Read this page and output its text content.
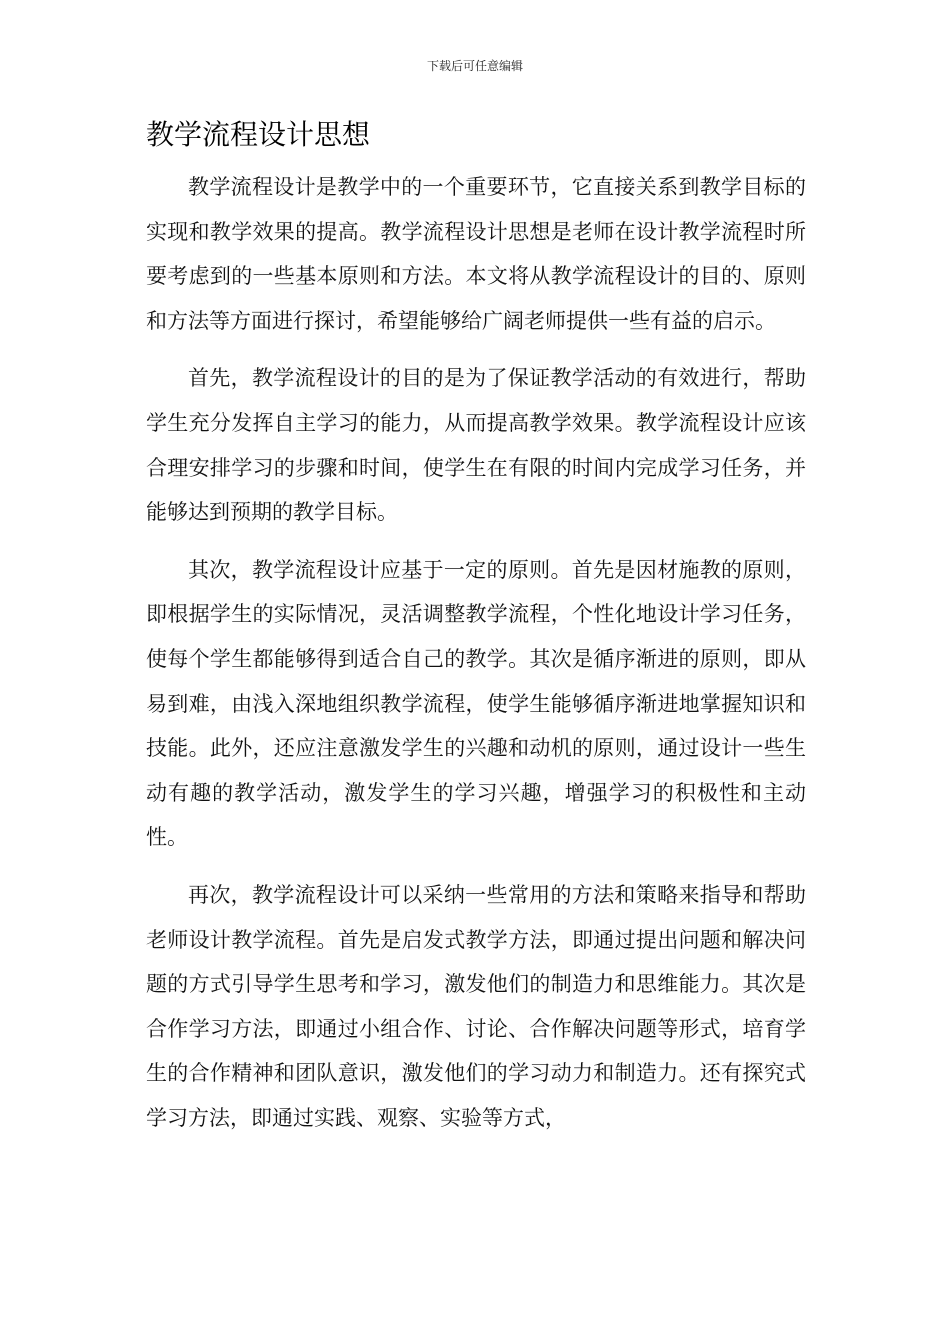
下载后可任意编辑
教学流程设计思想

教学流程设计是教学中的一个重要环节，它直接关系到教学目标的实现和教学效果的提高。教学流程设计思想是老师在设计教学流程时所要考虑到的一些基本原则和方法。本文将从教学流程设计的目的、原则和方法等方面进行探讨，希望能够给广阔老师提供一些有益的启示。

首先，教学流程设计的目的是为了保证教学活动的有效进行，帮助学生充分发挥自主学习的能力，从而提高教学效果。教学流程设计应该合理安排学习的步骤和时间，使学生在有限的时间内完成学习任务，并能够达到预期的教学目标。

其次，教学流程设计应基于一定的原则。首先是因材施教的原则，即根据学生的实际情况，灵活调整教学流程，个性化地设计学习任务，使每个学生都能够得到适合自己的教学。其次是循序渐进的原则，即从易到难，由浅入深地组织教学流程，使学生能够循序渐进地掌握知识和技能。此外，还应注意激发学生的兴趣和动机的原则，通过设计一些生动有趣的教学活动，激发学生的学习兴趣，增强学习的积极性和主动性。

再次，教学流程设计可以采纳一些常用的方法和策略来指导和帮助老师设计教学流程。首先是启发式教学方法，即通过提出问题和解决问题的方式引导学生思考和学习，激发他们的制造力和思维能力。其次是合作学习方法，即通过小组合作、讨论、合作解决问题等形式，培育学生的合作精神和团队意识，激发他们的学习动力和制造力。还有探究式学习方法，即通过实践、观察、实验等方式，
